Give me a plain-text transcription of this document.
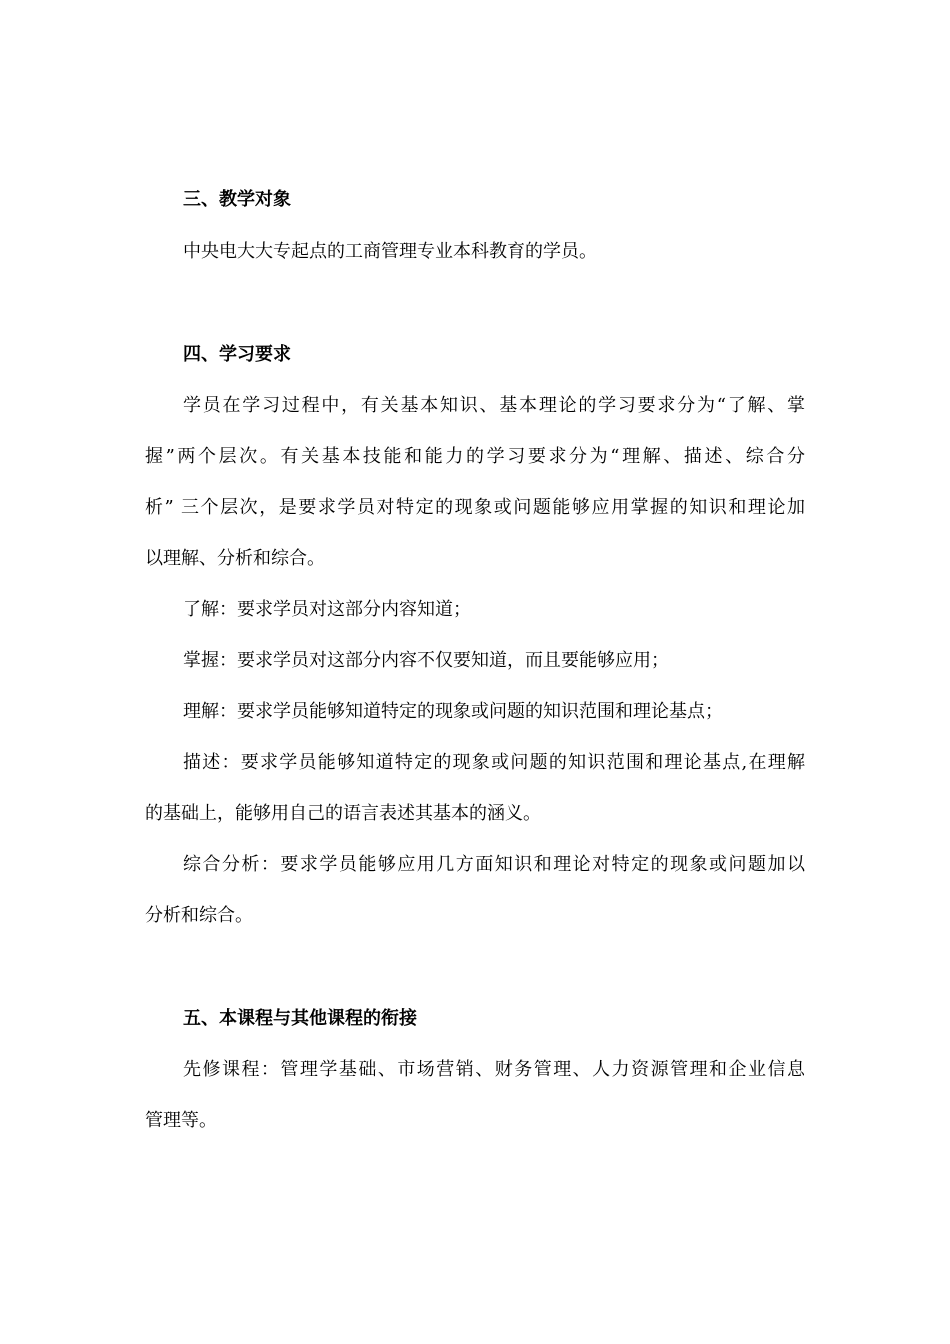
三、教学对象

中央电大大专起点的工商管理专业本科教育的学员。

四、学习要求

学员在学习过程中，有关基本知识、基本理论的学习要求分为“了解、掌

握”两个层次。有关基本技能和能力的学习要求分为“理解、描述、综合分

析” 三个层次，是要求学员对特定的现象或问题能够应用掌握的知识和理论加

以理解、分析和综合。

了解：要求学员对这部分内容知道；

掌握：要求学员对这部分内容不仅要知道，而且要能够应用；

理解：要求学员能够知道特定的现象或问题的知识范围和理论基点；

描述：要求学员能够知道特定的现象或问题的知识范围和理论基点,在理解

的基础上，能够用自己的语言表述其基本的涵义。

综合分析：要求学员能够应用几方面知识和理论对特定的现象或问题加以

分析和综合。

五、本课程与其他课程的衔接

先修课程：管理学基础、市场营销、财务管理、人力资源管理和企业信息

管理等。
